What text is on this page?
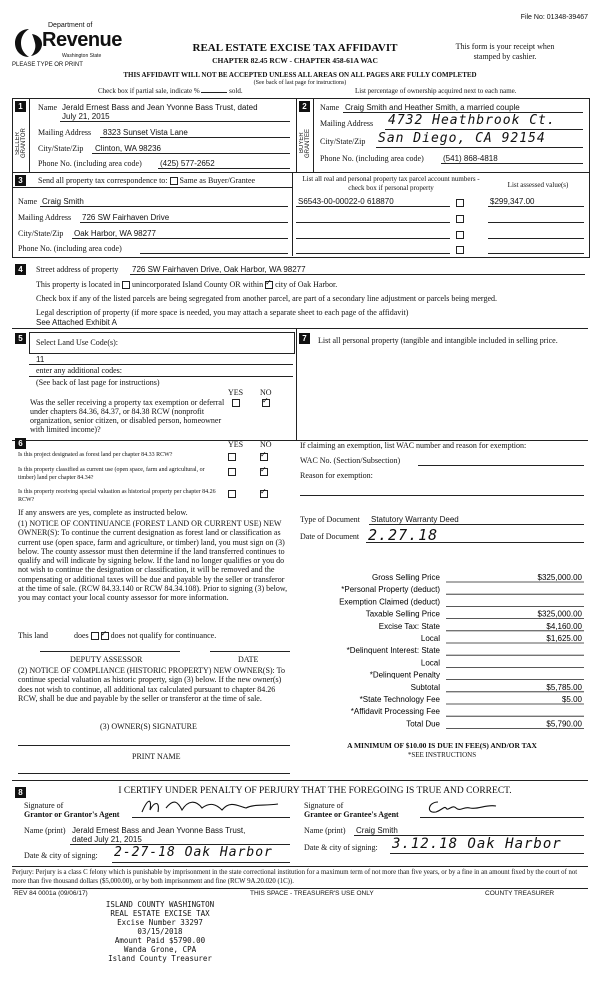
File No: 01348-39467
Department of
Revenue
Washington State
PLEASE TYPE OR PRINT
REAL ESTATE EXCISE TAX AFFIDAVIT
CHAPTER 82.45 RCW - CHAPTER 458-61A WAC
This form is your receipt when stamped by cashier.
THIS AFFIDAVIT WILL NOT BE ACCEPTED UNLESS ALL AREAS ON ALL PAGES ARE FULLY COMPLETED
Check box if partial sale, indicate %	sold.	List percentage of ownership acquired next to each name.
(See back of last page for instructions)
1	2
SELLER GRANTOR	BUYER GRANTEE
Name Jerald Ernest Bass and Jean Yvonne Bass Trust, dated
July 21, 2015
Mailing Address 8323 Sunset Vista Lane
City/State/Zip Clinton, WA 98236
Phone No. (including area code) (425) 577-2652
Name Craig Smith and Heather Smith, a married couple
Mailing Address 4732 Heathbrook Ct.
City/State/Zip San Diego, CA 92154
Phone No. (including area code) (541) 868-4818
3	Send all property tax correspondence to: Same as Buyer/Grantee
Name Craig Smith
Mailing Address 726 SW Fairhaven Drive
City/State/Zip Oak Harbor, WA 98277
Phone No. (including area code)
List all real and personal property tax parcel account numbers - check box if personal property	List assessed value(s)
S6543-00-00022-0 618870	$299,347.00
4	Street address of property 726 SW Fairhaven Drive, Oak Harbor, WA 98277
This property is located in unincorporated Island County OR within ✓ city of Oak Harbor.
Check box if any of the listed parcels are being segregated from another parcel, are part of a secondary line adjustment or parcels being merged.
Legal description of property (if more space is needed, you may attach a separate sheet to each page of the affidavit)
See Attached Exhibit A
5	7
Select Land Use Code(s):
11
enter any additional codes:
(See back of last page for instructions)
YES NO
Was the seller receiving a property tax exemption or deferral under chapters 84.36, 84.37, or 84.38 RCW (nonprofit organization, senior citizen, or disabled person, homeowner with limited income)?
✓
List all personal property (tangible and intangible included in selling price.
6	YES NO
Is this project designated as forest land per chapter 84.33 RCW?
✓
Is this property classified as current use (open space, farm and agricultural, or timber) land per chapter 84.34?
✓
Is this property receiving special valuation as historical property per chapter 84.26 RCW?
✓
If any answers are yes, complete as instructed below.
(1) NOTICE OF CONTINUANCE (FOREST LAND OR CURRENT USE) NEW OWNER(S): To continue the current designation as forest land or classification as current use (open space, farm and agriculture, or timber) land, you must sign on (3) below. The county assessor must then determine if the land transferred continues to qualify and will indicate by signing below. If the land no longer qualifies or you do not wish to continue the designation or classification, it will be removed and the compensating or additional taxes will be due and payable by the seller or transferor at the time of sale. (RCW 84.33.140 or RCW 84.34.108). Prior to signing (3) below, you may contact your local county assessor for more information.
This land	does ✓	does not qualify for continuance.
DEPUTY ASSESSOR	DATE
(2) NOTICE OF COMPLIANCE (HISTORIC PROPERTY) NEW OWNER(S): To continue special valuation as historic property, sign (3) below. If the new owner(s) does not wish to continue, all additional tax calculated pursuant to chapter 84.26 RCW, shall be due and payable by the seller or transferor at the time of sale.
(3) OWNER(S) SIGNATURE
PRINT NAME
If claiming an exemption, list WAC number and reason for exemption:
WAC No. (Section/Subsection)
Reason for exemption:
Type of Document Statutory Warranty Deed
Date of Document 2.27.18
Gross Selling Price	$325,000.00
*Personal Property (deduct)
Exemption Claimed (deduct)
Taxable Selling Price	$325,000.00
Excise Tax: State	$4,160.00
Local	$1,625.00
*Delinquent Interest: State
Local
*Delinquent Penalty
Subtotal	$5,785.00
*State Technology Fee	$5.00
*Affidavit Processing Fee
Total Due	$5,790.00
A MINIMUM OF $10.00 IS DUE IN FEE(S) AND/OR TAX
*SEE INSTRUCTIONS
8	I CERTIFY UNDER PENALTY OF PERJURY THAT THE FOREGOING IS TRUE AND CORRECT.
Signature of
Grantor or Grantor's Agent
Name (print) Jerald Ernest Bass and Jean Yvonne Bass Trust,
dated July 21, 2015
Date & city of signing: 2-27-18 Oak Harbor
Signature of
Grantee or Grantee's Agent
Name (print) Craig Smith
Date & city of signing: 3.12.18 Oak Harbor
Perjury: Perjury is a class C felony which is punishable by imprisonment in the state correctional institution for a maximum term of not more than five years, or by a fine in an amount fixed by the court of not more than five thousand dollars ($5,000.00), or by both imprisonment and fine (RCW 9A.20.020 (1C)).
REV 84 0001a (09/06/17)	THIS SPACE - TREASURER'S USE ONLY	COUNTY TREASURER
ISLAND COUNTY WASHINGTON
REAL ESTATE EXCISE TAX
Excise Number 33297
03/15/2018
Amount Paid $5790.00
Wanda Grone, CPA
Island County Treasurer
